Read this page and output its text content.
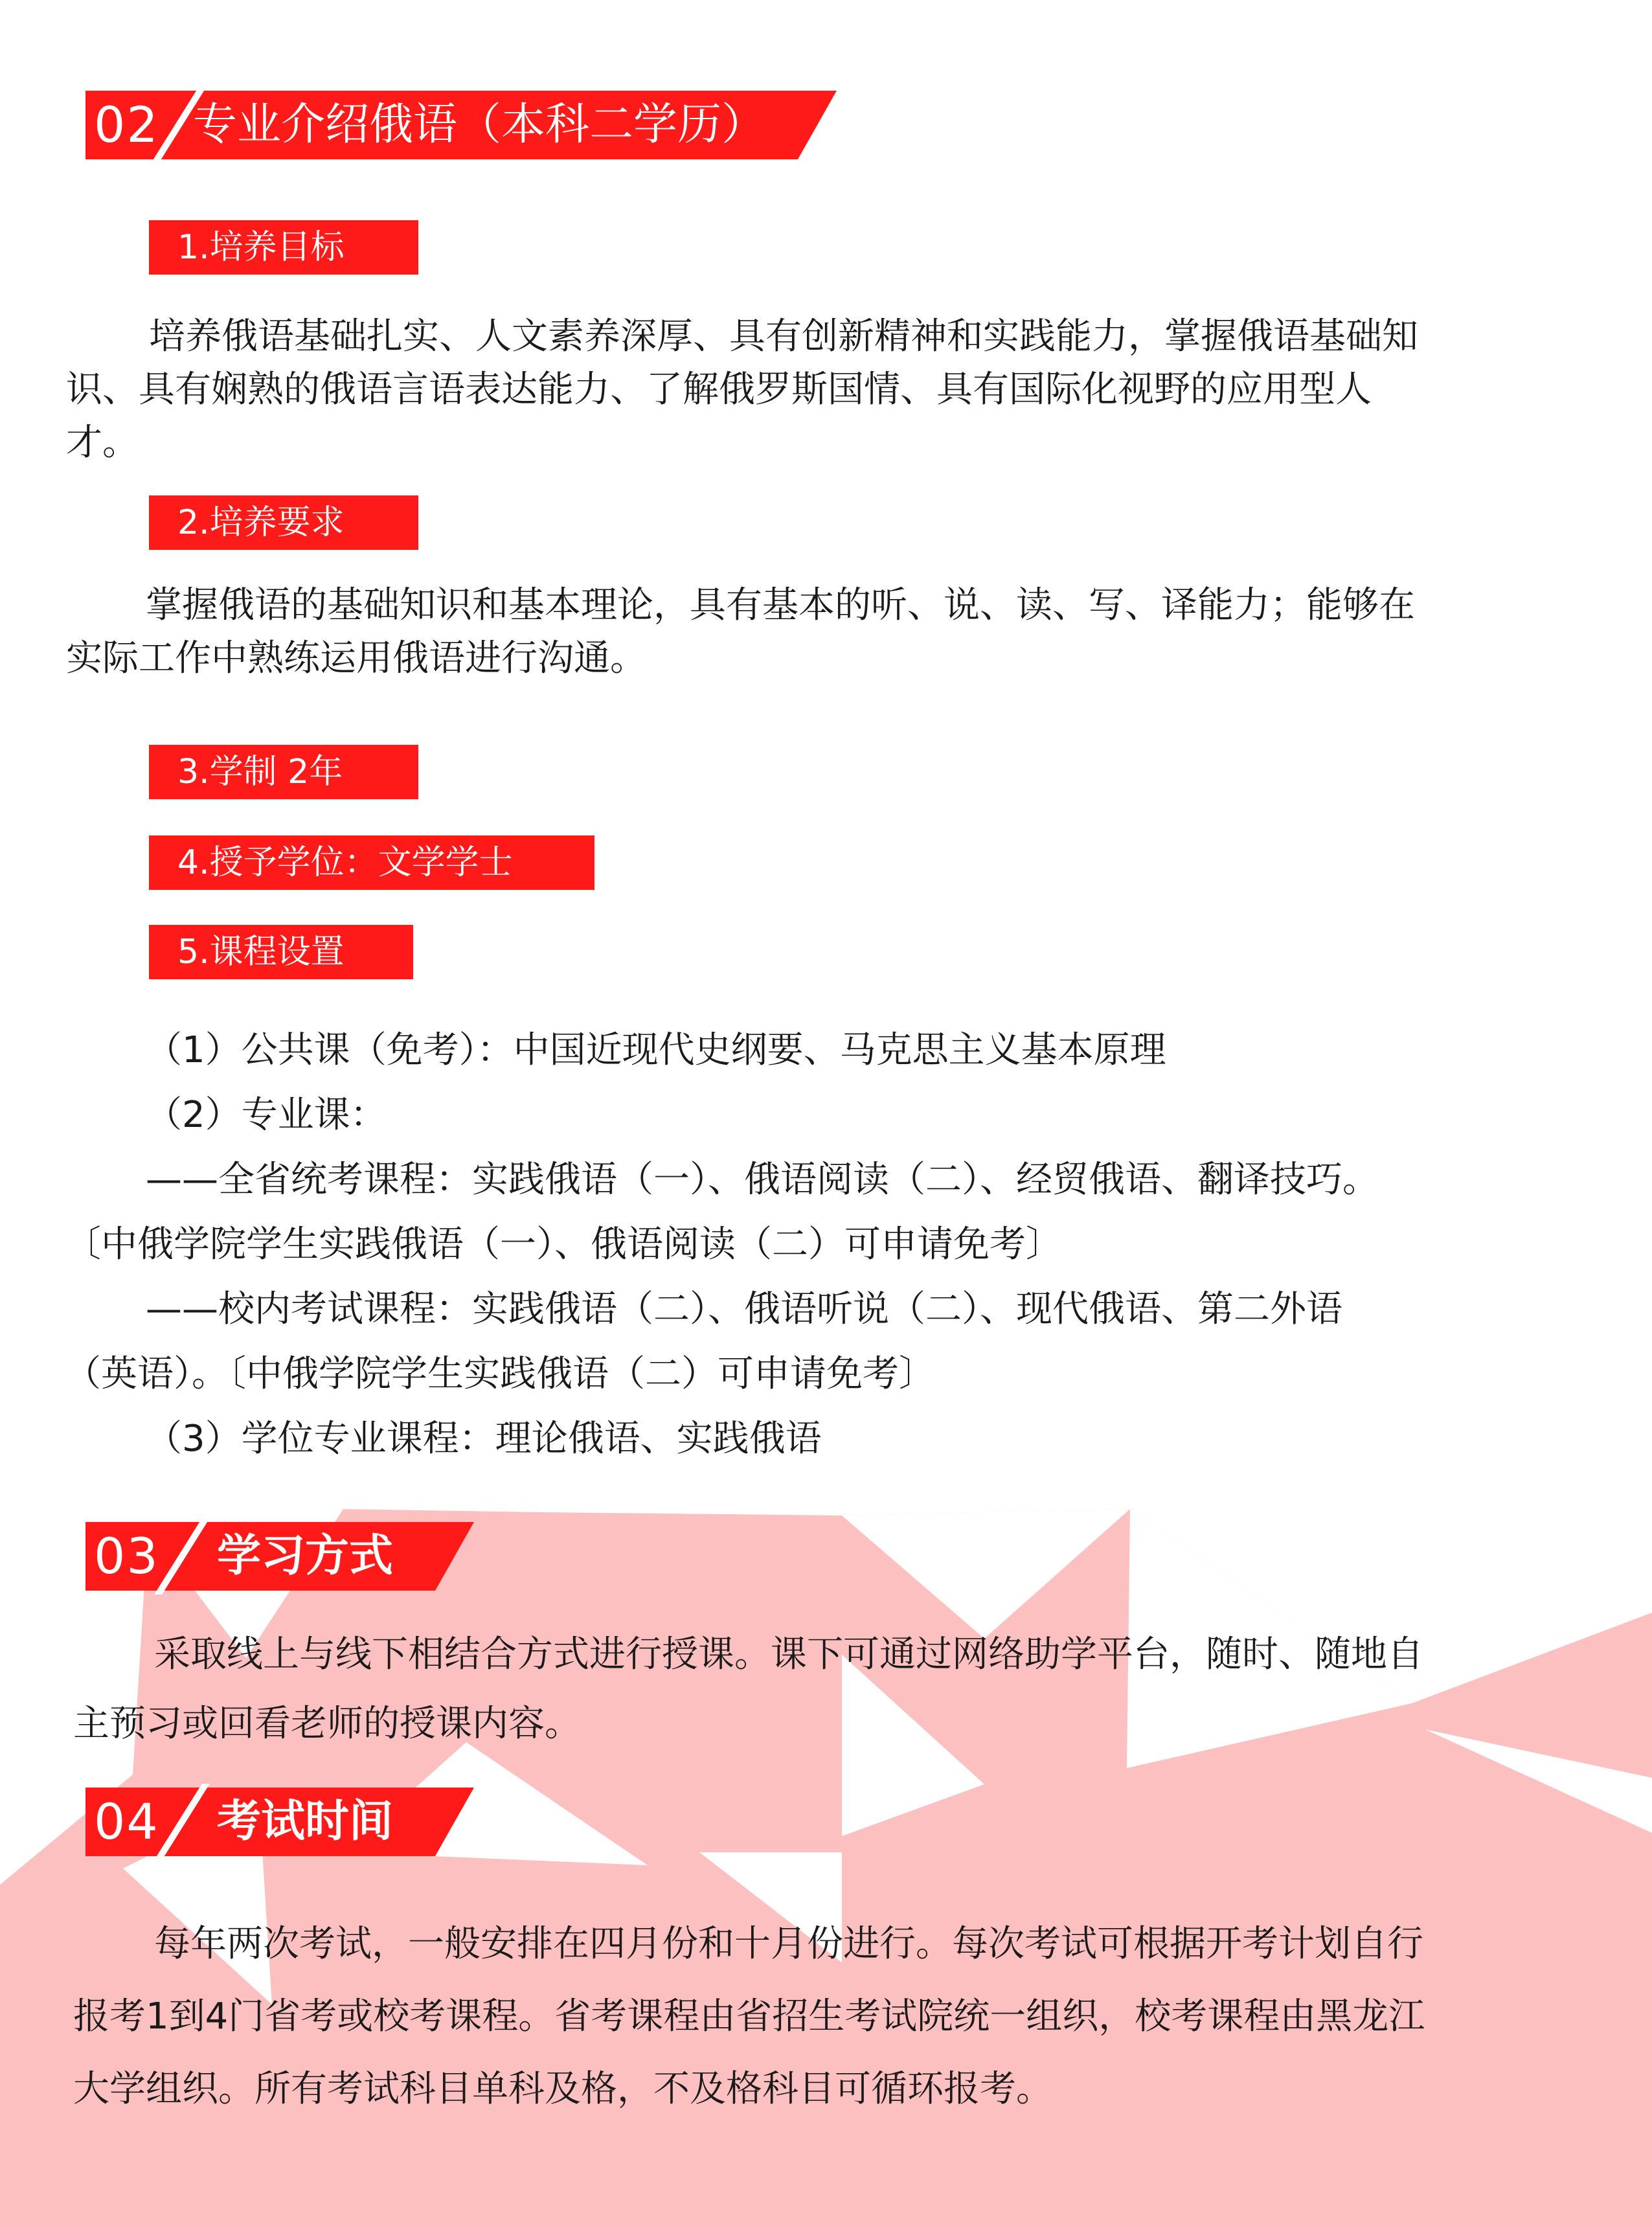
02 专业介绍俄语（本科二学历）
1.培养目标
培养俄语基础扎实、人文素养深厚、具有创新精神和实践能力，掌握俄语基础知
识、具有娴熟的俄语言语表达能力、了解俄罗斯国情、具有国际化视野的应用型人
才。
2.培养要求
掌握俄语的基础知识和基本理论，具有基本的听、说、读、写、译能力；能够在
实际工作中熟练运用俄语进行沟通。
3.学制 2年
4.授予学位：文学学士
5.课程设置
（1）公共课（免考）：中国近现代史纲要、马克思主义基本原理
（2）专业课：
——全省统考课程：实践俄语（一）、俄语阅读（二）、经贸俄语、翻译技巧。
〔中俄学院学生实践俄语（一）、俄语阅读（二）可申请免考〕
——校内考试课程：实践俄语（二）、俄语听说（二）、现代俄语、第二外语
（英语）。〔中俄学院学生实践俄语（二）可申请免考〕
（3）学位专业课程：理论俄语、实践俄语
03 学习方式
采取线上与线下相结合方式进行授课。课下可通过网络助学平台，随时、随地自
主预习或回看老师的授课内容。
04 考试时间
每年两次考试，一般安排在四月份和十月份进行。每次考试可根据开考计划自行
报考1到4门省考或校考课程。省考课程由省招生考试院统一组织，校考课程由黑龙江
大学组织。所有考试科目单科及格，不及格科目可循环报考。
